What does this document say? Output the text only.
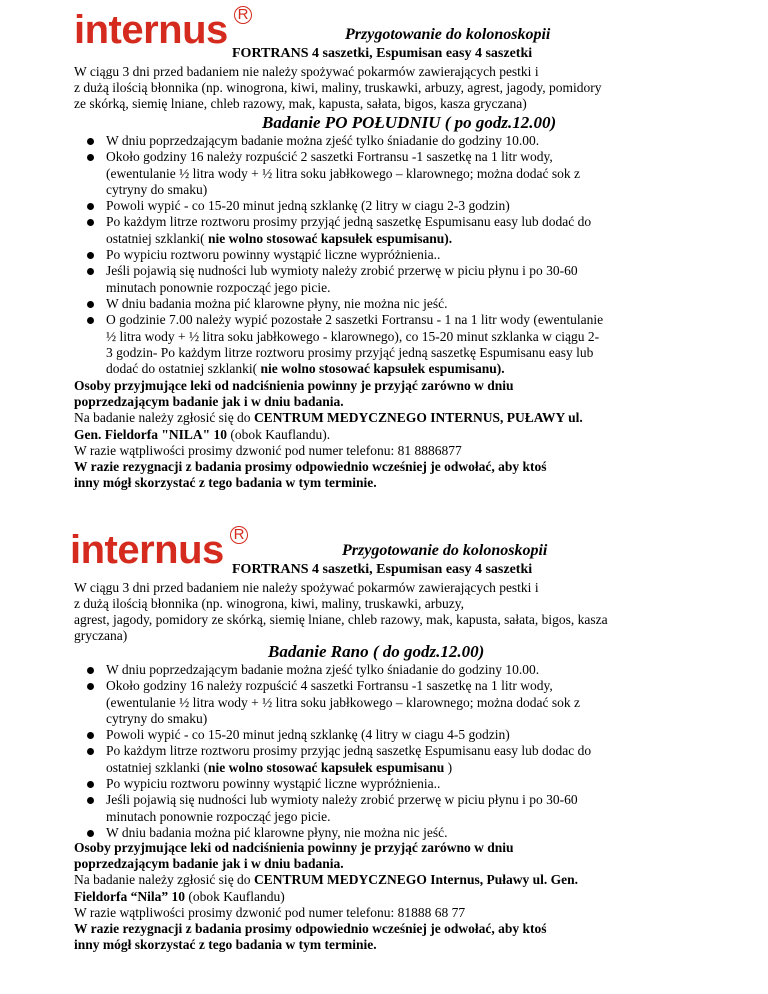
internus R
Przygotowanie do kolonoskopii
FORTRANS 4 saszetki, Espumisan easy 4 saszetki
W ciągu 3 dni przed badaniem nie należy spożywać pokarmów zawierających pestki i
z dużą ilością błonnika (np. winogrona, kiwi, maliny, truskawki, arbuzy, agrest, jagody, pomidory
ze skórką, siemię lniane, chleb razowy, mak, kapusta, sałata, bigos, kasza gryczana)
Badanie PO POŁUDNIU ( po godz.12.00)
W dniu poprzedzającym badanie można zjeść tylko śniadanie do godziny 10.00.
Około godziny 16 należy rozpuścić 2 saszetki Fortransu -1 saszetkę na 1 litr wody,
(ewentulanie ½ litra wody + ½ litra soku jabłkowego – klarownego; można dodać sok z
cytryny do smaku)
Powoli wypić - co 15-20 minut jedną szklankę (2 litry w ciagu 2-3 godzin)
Po każdym litrze roztworu prosimy przyjąć jedną saszetkę Espumisanu easy lub dodać do
ostatniej szklanki( nie wolno stosować kapsułek espumisanu).
Po wypiciu roztworu powinny wystąpić liczne wypróżnienia..
Jeśli pojawią się nudności lub wymioty należy zrobić przerwę w piciu płynu i po 30-60
minutach ponownie rozpocząć jego picie.
W dniu badania można pić klarowne płyny, nie można nic jeść.
O godzinie 7.00 należy wypić pozostałe 2 saszetki Fortransu - 1 na 1 litr wody (ewentulanie
½ litra wody + ½ litra soku jabłkowego - klarownego), co 15-20 minut szklanka w ciągu 2-
3 godzin- Po każdym litrze roztworu prosimy przyjąć jedną saszetkę Espumisanu easy lub
dodać do ostatniej szklanki( nie wolno stosować kapsułek espumisanu).
Osoby przyjmujące leki od nadciśnienia powinny je przyjąć zarówno w dniu
poprzedzającym badanie jak i w dniu badania.
Na badanie należy zgłosić się do CENTRUM MEDYCZNEGO INTERNUS, PUŁAWY ul.
Gen. Fieldorfa "NILA" 10 (obok Kauflandu).
W razie wątpliwości prosimy dzwonić pod numer telefonu: 81 8886877
W razie rezygnacji z badania prosimy odpowiednio wcześniej je odwołać, aby ktoś
inny mógł skorzystać z tego badania w tym terminie.
internus R
Przygotowanie do kolonoskopii
FORTRANS 4 saszetki, Espumisan easy 4 saszetki
W ciągu 3 dni przed badaniem nie należy spożywać pokarmów zawierających pestki i
z dużą ilością błonnika (np. winogrona, kiwi, maliny, truskawki, arbuzy,
agrest, jagody, pomidory ze skórką, siemię lniane, chleb razowy, mak, kapusta, sałata, bigos, kasza
gryczana)
Badanie Rano ( do godz.12.00)
W dniu poprzedzającym badanie można zjeść tylko śniadanie do godziny 10.00.
Około godziny 16 należy rozpuścić 4 saszetki Fortransu -1 saszetkę na 1 litr wody,
(ewentulanie ½ litra wody + ½ litra soku jabłkowego – klarownego; można dodać sok z
cytryny do smaku)
Powoli wypić - co 15-20 minut jedną szklankę (4 litry w ciagu 4-5 godzin)
Po każdym litrze roztworu prosimy przyjąc jedną saszetkę Espumisanu easy lub dodac do
ostatniej szklanki (nie wolno stosować kapsułek espumisanu )
Po wypiciu roztworu powinny wystąpić liczne wypróżnienia..
Jeśli pojawią się nudności lub wymioty należy zrobić przerwę w piciu płynu i po 30-60
minutach ponownie rozpocząć jego picie.
W dniu badania można pić klarowne płyny, nie można nic jeść.
Osoby przyjmujące leki od nadciśnienia powinny je przyjąć zarówno w dniu
poprzedzającym badanie jak i w dniu badania.
Na badanie należy zgłosić się do CENTRUM MEDYCZNEGO Internus, Puławy ul. Gen.
Fieldorfa “Nila” 10 (obok Kauflandu)
W razie wątpliwości prosimy dzwonić pod numer telefonu: 81888 68 77
W razie rezygnacji z badania prosimy odpowiednio wcześniej je odwołać, aby ktoś
inny mógł skorzystać z tego badania w tym terminie.
